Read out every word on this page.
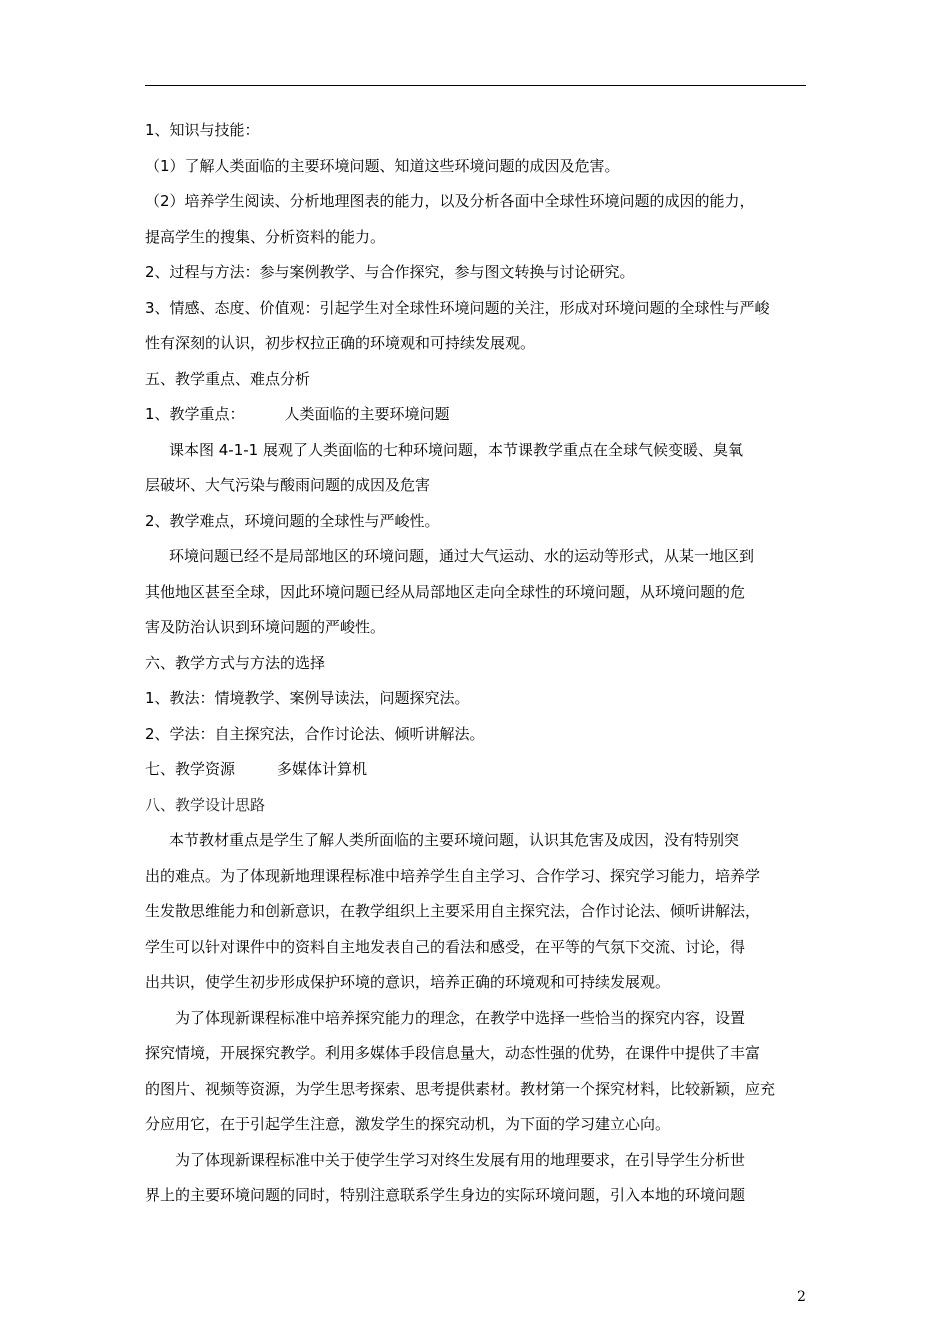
1、知识与技能：
（1）了解人类面临的主要环境问题、知道这些环境问题的成因及危害。
（2）培养学生阅读、分析地理图表的能力，以及分析各面中全球性环境问题的成因的能力，
提高学生的搜集、分析资料的能力。
2、过程与方法：参与案例教学、与合作探究，参与图文转换与讨论研究。
3、情感、态度、价值观：引起学生对全球性环境问题的关注，形成对环境问题的全球性与严峻
性有深刻的认识，初步权拉正确的环境观和可持续发展观。
五、教学重点、难点分析
1、教学重点：	人类面临的主要环境问题
课本图 4-1-1 展观了人类面临的七种环境问题，本节课教学重点在全球气候变暖、臭氧
层破坏、大气污染与酸雨问题的成因及危害
2、教学难点，环境问题的全球性与严峻性。
环境问题已经不是局部地区的环境问题，通过大气运动、水的运动等形式，从某一地区到
其他地区甚至全球，因此环境问题已经从局部地区走向全球性的环境问题，从环境问题的危
害及防治认识到环境问题的严峻性。
六、教学方式与方法的选择
1、教法：情境教学、案例导读法，问题探究法。
2、学法：自主探究法，合作讨论法、倾听讲解法。
七、教学资源	多媒体计算机
八、教学设计思路
本节教材重点是学生了解人类所面临的主要环境问题，认识其危害及成因，没有特别突
出的难点。为了体现新地理课程标准中培养学生自主学习、合作学习、探究学习能力，培养学
生发散思维能力和创新意识，在教学组织上主要采用自主探究法，合作讨论法、倾听讲解法，
学生可以针对课件中的资料自主地发表自己的看法和感受，在平等的气氛下交流、讨论，得
出共识，使学生初步形成保护环境的意识，培养正确的环境观和可持续发展观。
为了体现新课程标准中培养探究能力的理念，在教学中选择一些恰当的探究内容，设置
探究情境，开展探究教学。利用多媒体手段信息量大，动态性强的优势，在课件中提供了丰富
的图片、视频等资源，为学生思考探索、思考提供素材。教材第一个探究材料，比较新颖，应充
分应用它，在于引起学生注意，激发学生的探究动机，为下面的学习建立心向。
为了体现新课程标准中关于使学生学习对终生发展有用的地理要求，在引导学生分析世
界上的主要环境问题的同时，特别注意联系学生身边的实际环境问题，引入本地的环境问题
2
